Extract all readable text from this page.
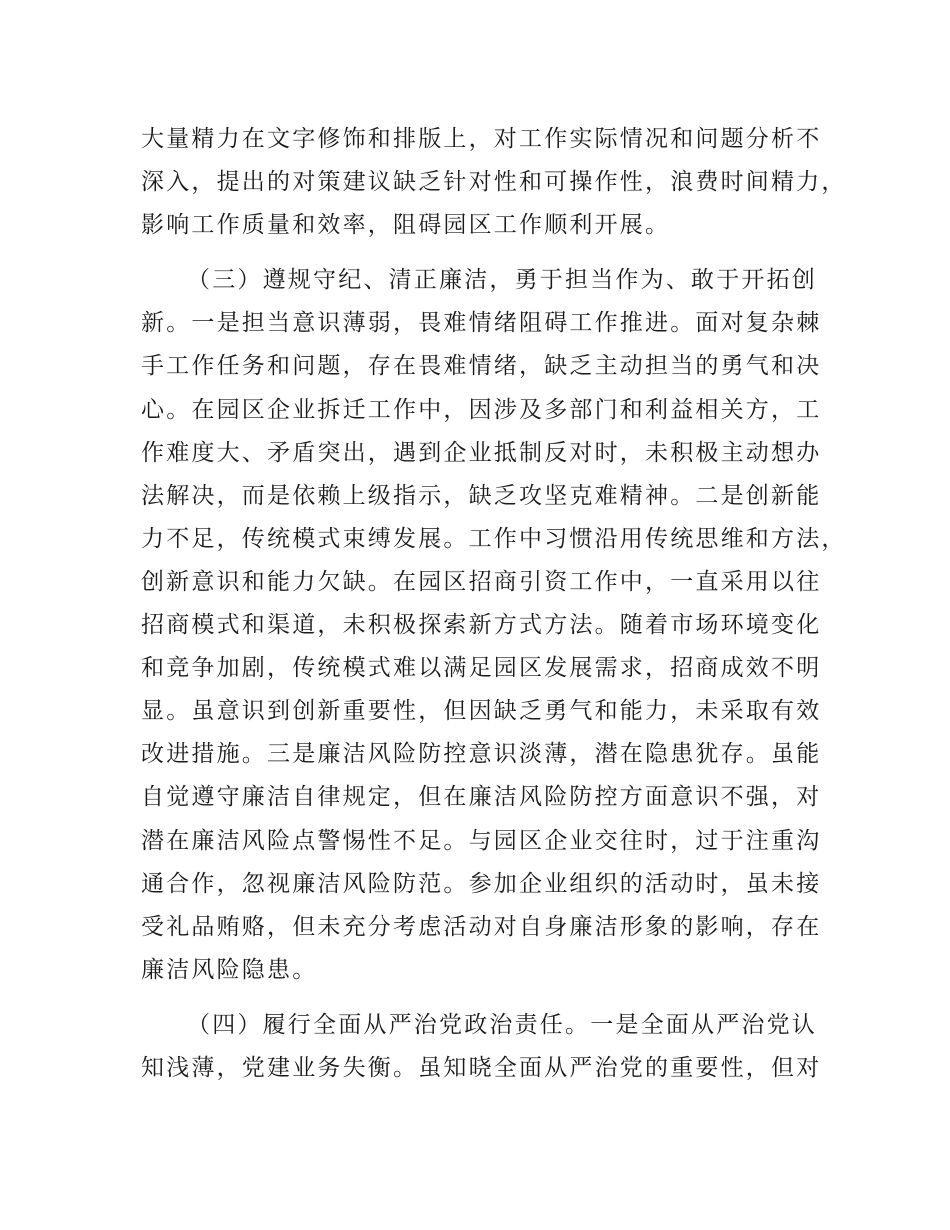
大量精力在文字修饰和排版上，对工作实际情况和问题分析不
深入，提出的对策建议缺乏针对性和可操作性，浪费时间精力，
影响工作质量和效率，阻碍园区工作顺利开展。
（三）遵规守纪、清正廉洁，勇于担当作为、敢于开拓创
新。一是担当意识薄弱，畏难情绪阻碍工作推进。面对复杂棘
手工作任务和问题，存在畏难情绪，缺乏主动担当的勇气和决
心。在园区企业拆迁工作中，因涉及多部门和利益相关方，工
作难度大、矛盾突出，遇到企业抵制反对时，未积极主动想办
法解决，而是依赖上级指示，缺乏攻坚克难精神。二是创新能
力不足，传统模式束缚发展。工作中习惯沿用传统思维和方法，
创新意识和能力欠缺。在园区招商引资工作中，一直采用以往
招商模式和渠道，未积极探索新方式方法。随着市场环境变化
和竞争加剧，传统模式难以满足园区发展需求，招商成效不明
显。虽意识到创新重要性，但因缺乏勇气和能力，未采取有效
改进措施。三是廉洁风险防控意识淡薄，潜在隐患犹存。虽能
自觉遵守廉洁自律规定，但在廉洁风险防控方面意识不强，对
潜在廉洁风险点警惕性不足。与园区企业交往时，过于注重沟
通合作，忽视廉洁风险防范。参加企业组织的活动时，虽未接
受礼品贿赂，但未充分考虑活动对自身廉洁形象的影响，存在
廉洁风险隐患。
（四）履行全面从严治党政治责任。一是全面从严治党认
知浅薄，党建业务失衡。虽知晓全面从严治党的重要性，但对
